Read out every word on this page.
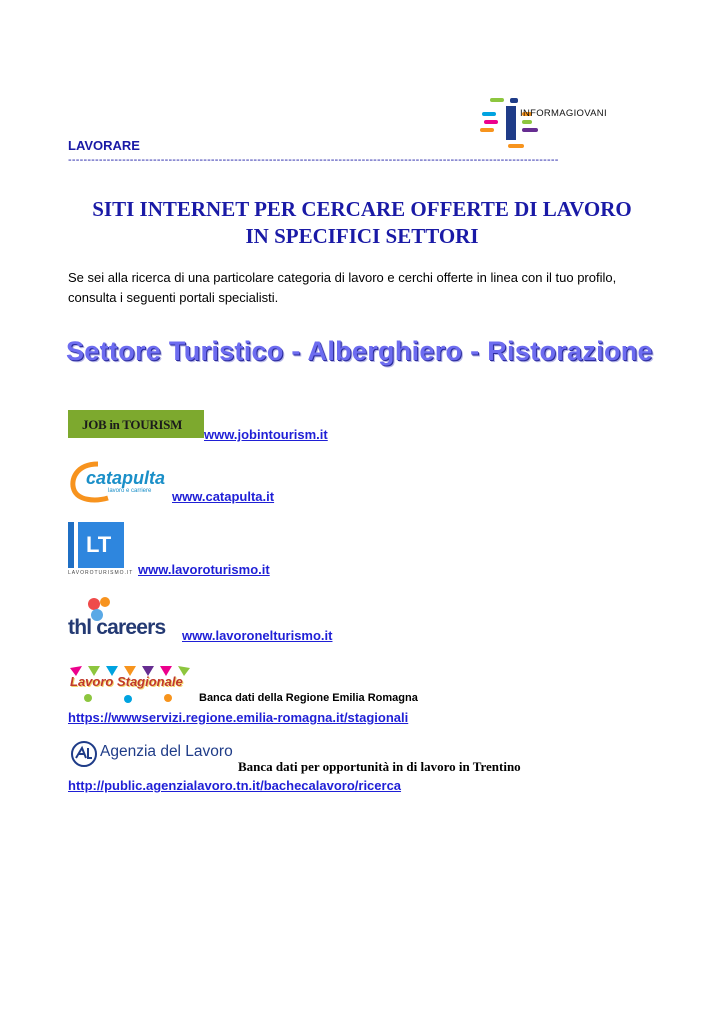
INFORMAGIOVANI
LAVORARE
-------------------------------------------------------------------------------------------------------------------------------
SITI INTERNET PER CERCARE OFFERTE DI LAVORO
IN SPECIFICI SETTORI
Se sei alla ricerca di una particolare categoria di lavoro e cerchi offerte in linea con il tuo profilo, consulta i seguenti portali specialisti.
Settore Turistico - Alberghiero - Ristorazione
JOB in TOURISM
www.jobintourism.it
catapulta
lavoro e carriere www.catapulta.it
LT
LAVOROTURISMO.IT www.lavoroturismo.it
thl careers www.lavoronelturismo.it
Lavoro Stagionale
Banca dati della Regione Emilia Romagna
https://wwwservizi.regione.emilia-romagna.it/stagionali
Agenzia del Lavoro
Banca dati per opportunità in di lavoro in Trentino
http://public.agenzialavoro.tn.it/bachecalavoro/ricerca
